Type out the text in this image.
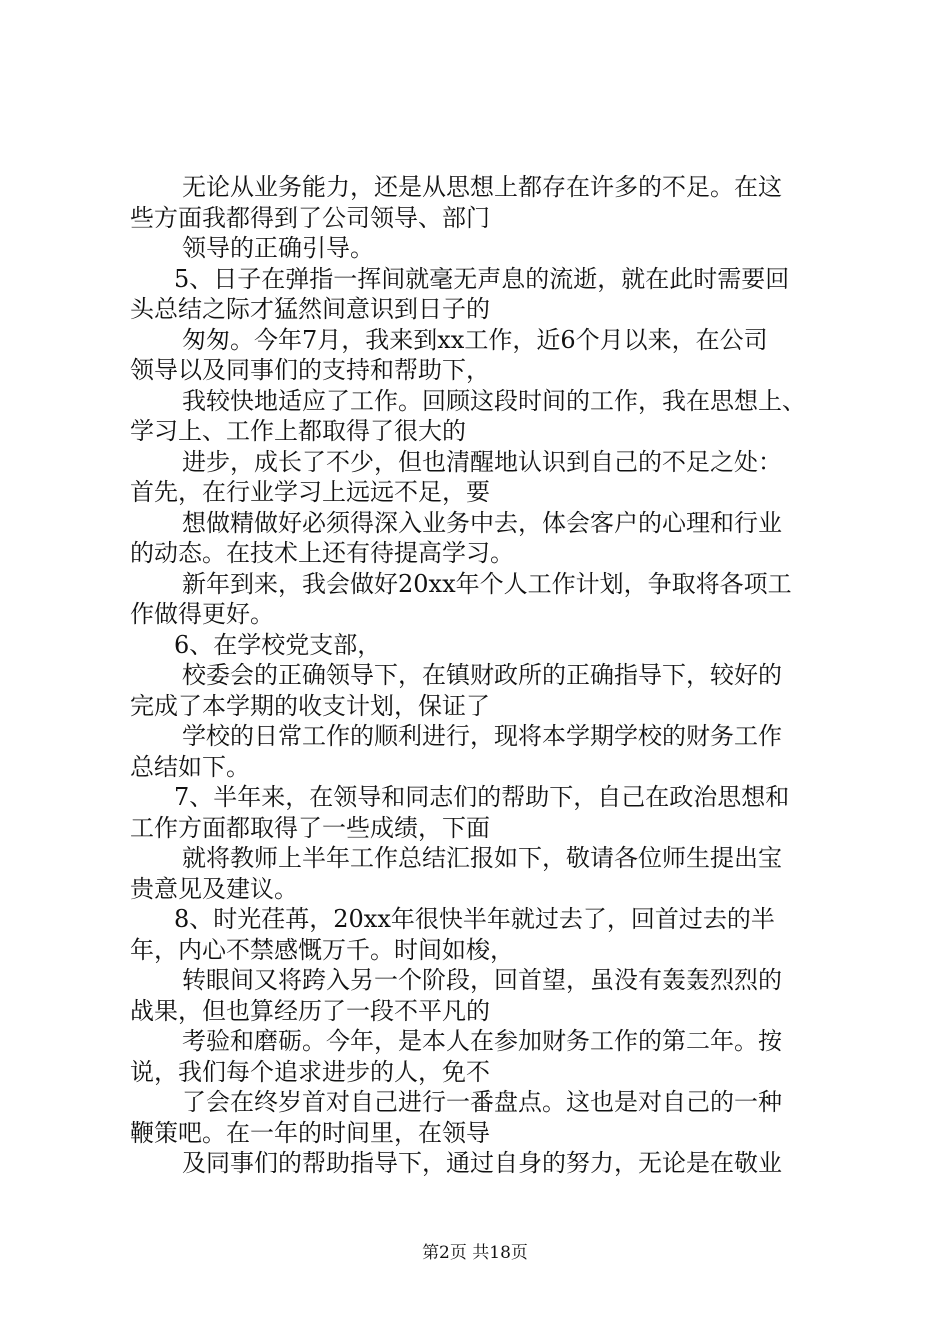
无论从业务能力，还是从思想上都存在许多的不足。在这
些方面我都得到了公司领导、部门
领导的正确引导。
5、日子在弹指一挥间就毫无声息的流逝，就在此时需要回
头总结之际才猛然间意识到日子的
匆匆。今年7月，我来到xx工作，近6个月以来，在公司
领导以及同事们的支持和帮助下，
我较快地适应了工作。回顾这段时间的工作，我在思想上、
学习上、工作上都取得了很大的
进步，成长了不少，但也清醒地认识到自己的不足之处：
首先，在行业学习上远远不足，要
想做精做好必须得深入业务中去，体会客户的心理和行业
的动态。在技术上还有待提高学习。
新年到来，我会做好20xx年个人工作计划，争取将各项工
作做得更好。
6、在学校党支部，
校委会的正确领导下，在镇财政所的正确指导下，较好的
完成了本学期的收支计划，保证了
学校的日常工作的顺利进行，现将本学期学校的财务工作
总结如下。
7、半年来，在领导和同志们的帮助下，自己在政治思想和
工作方面都取得了一些成绩，下面
就将教师上半年工作总结汇报如下，敬请各位师生提出宝
贵意见及建议。
8、时光荏苒，20xx年很快半年就过去了，回首过去的半
年，内心不禁感慨万千。时间如梭，
转眼间又将跨入另一个阶段，回首望，虽没有轰轰烈烈的
战果，但也算经历了一段不平凡的
考验和磨砺。今年，是本人在参加财务工作的第二年。按
说，我们每个追求进步的人，免不
了会在终岁首对自己进行一番盘点。这也是对自己的一种
鞭策吧。在一年的时间里，在领导
及同事们的帮助指导下，通过自身的努力，无论是在敬业
第2页 共18页
